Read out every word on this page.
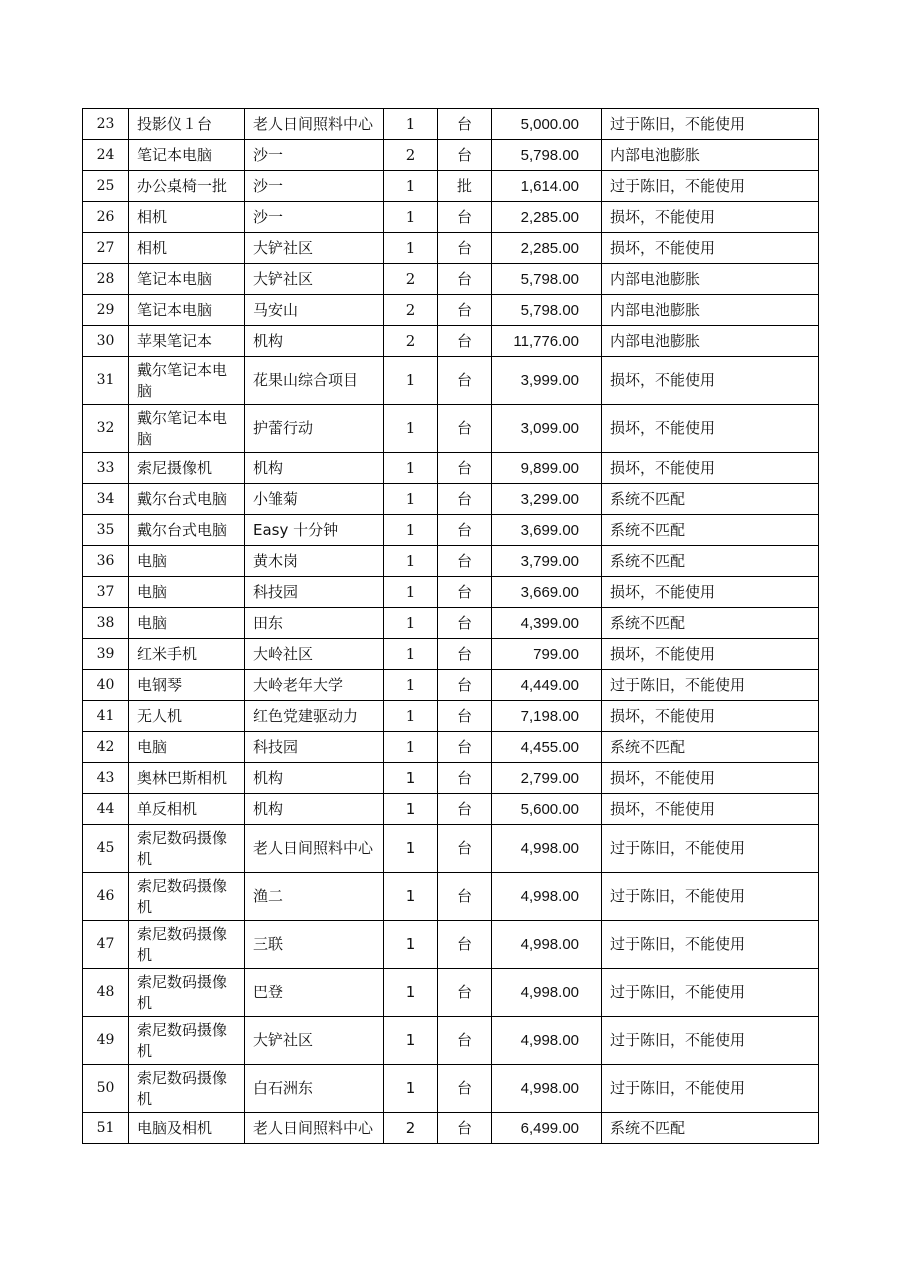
23	投影仪１台	老人日间照料中心	1	台	5,000.00	过于陈旧，不能使用
24	笔记本电脑	沙一	2	台	5,798.00	内部电池膨胀
25	办公桌椅一批	沙一	1	批	1,614.00	过于陈旧，不能使用
26	相机	沙一	1	台	2,285.00	损坏，不能使用
27	相机	大铲社区	1	台	2,285.00	损坏，不能使用
28	笔记本电脑	大铲社区	2	台	5,798.00	内部电池膨胀
29	笔记本电脑	马安山	2	台	5,798.00	内部电池膨胀
30	苹果笔记本	机构	2	台	11,776.00	内部电池膨胀
31	戴尔笔记本电脑	花果山综合项目	1	台	3,999.00	损坏，不能使用
32	戴尔笔记本电脑	护蕾行动	1	台	3,099.00	损坏，不能使用
33	索尼摄像机	机构	1	台	9,899.00	损坏，不能使用
34	戴尔台式电脑	小雏菊	1	台	3,299.00	系统不匹配
35	戴尔台式电脑	Easy 十分钟	1	台	3,699.00	系统不匹配
36	电脑	黄木岗	1	台	3,799.00	系统不匹配
37	电脑	科技园	1	台	3,669.00	损坏，不能使用
38	电脑	田东	1	台	4,399.00	系统不匹配
39	红米手机	大岭社区	1	台	799.00	损坏，不能使用
40	电钢琴	大岭老年大学	1	台	4,449.00	过于陈旧，不能使用
41	无人机	红色党建驱动力	1	台	7,198.00	损坏，不能使用
42	电脑	科技园	1	台	4,455.00	系统不匹配
43	奥林巴斯相机	机构	1	台	2,799.00	损坏，不能使用
44	单反相机	机构	1	台	5,600.00	损坏，不能使用
45	索尼数码摄像机	老人日间照料中心	1	台	4,998.00	过于陈旧，不能使用
46	索尼数码摄像机	渔二	1	台	4,998.00	过于陈旧，不能使用
47	索尼数码摄像机	三联	1	台	4,998.00	过于陈旧，不能使用
48	索尼数码摄像机	巴登	1	台	4,998.00	过于陈旧，不能使用
49	索尼数码摄像机	大铲社区	1	台	4,998.00	过于陈旧，不能使用
50	索尼数码摄像机	白石洲东	1	台	4,998.00	过于陈旧，不能使用
51	电脑及相机	老人日间照料中心	2	台	6,499.00	系统不匹配
